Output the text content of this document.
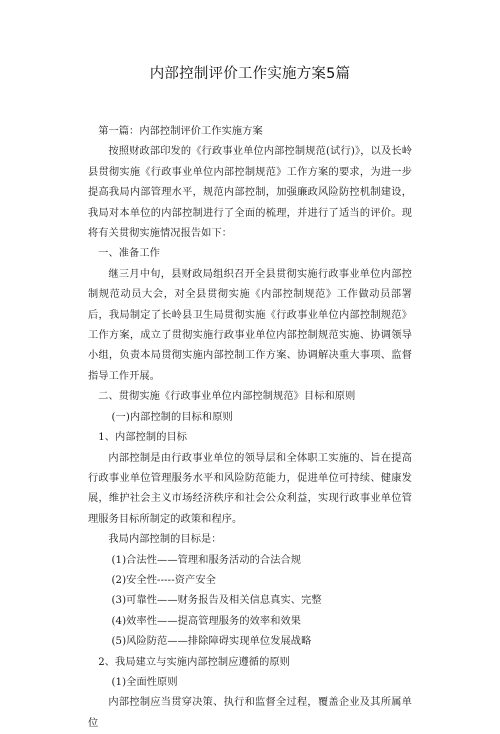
内部控制评价工作实施方案5篇

第一篇：内部控制评价工作实施方案

按照财政部印发的《行政事业单位内部控制规范(试行)》，以及长岭县贯彻实施《行政事业单位内部控制规范》工作方案的要求，为进一步提高我局内部管理水平，规范内部控制，加强廉政风险防控机制建设，我局对本单位的内部控制进行了全面的梳理，并进行了适当的评价。现将有关贯彻实施情况报告如下：

一、准备工作

继三月中旬，县财政局组织召开全县贯彻实施行政事业单位内部控制规范动员大会，对全县贯彻实施《内部控制规范》工作做动员部署后，我局制定了长岭县卫生局贯彻实施《行政事业单位内部控制规范》工作方案，成立了贯彻实施行政事业单位内部控制规范实施、协调领导小组，负责本局贯彻实施内部控制工作方案、协调解决重大事项、监督指导工作开展。

二、贯彻实施《行政事业单位内部控制规范》目标和原则

(一)内部控制的目标和原则

1、内部控制的目标

内部控制是由行政事业单位的领导层和全体职工实施的、旨在提高行政事业单位管理服务水平和风险防范能力，促进单位可持续、健康发展，维护社会主义市场经济秩序和社会公众利益，实现行政事业单位管理服务目标所制定的政策和程序。

我局内部控制的目标是：

(1)合法性——管理和服务活动的合法合规

(2)安全性-----资产安全

(3)可靠性——财务报告及相关信息真实、完整

(4)效率性——提高管理服务的效率和效果

(5)风险防范——排除障碍实现单位发展战略

2、我局建立与实施内部控制应遵循的原则

(1)全面性原则

内部控制应当贯穿决策、执行和监督全过程，覆盖企业及其所属单位
